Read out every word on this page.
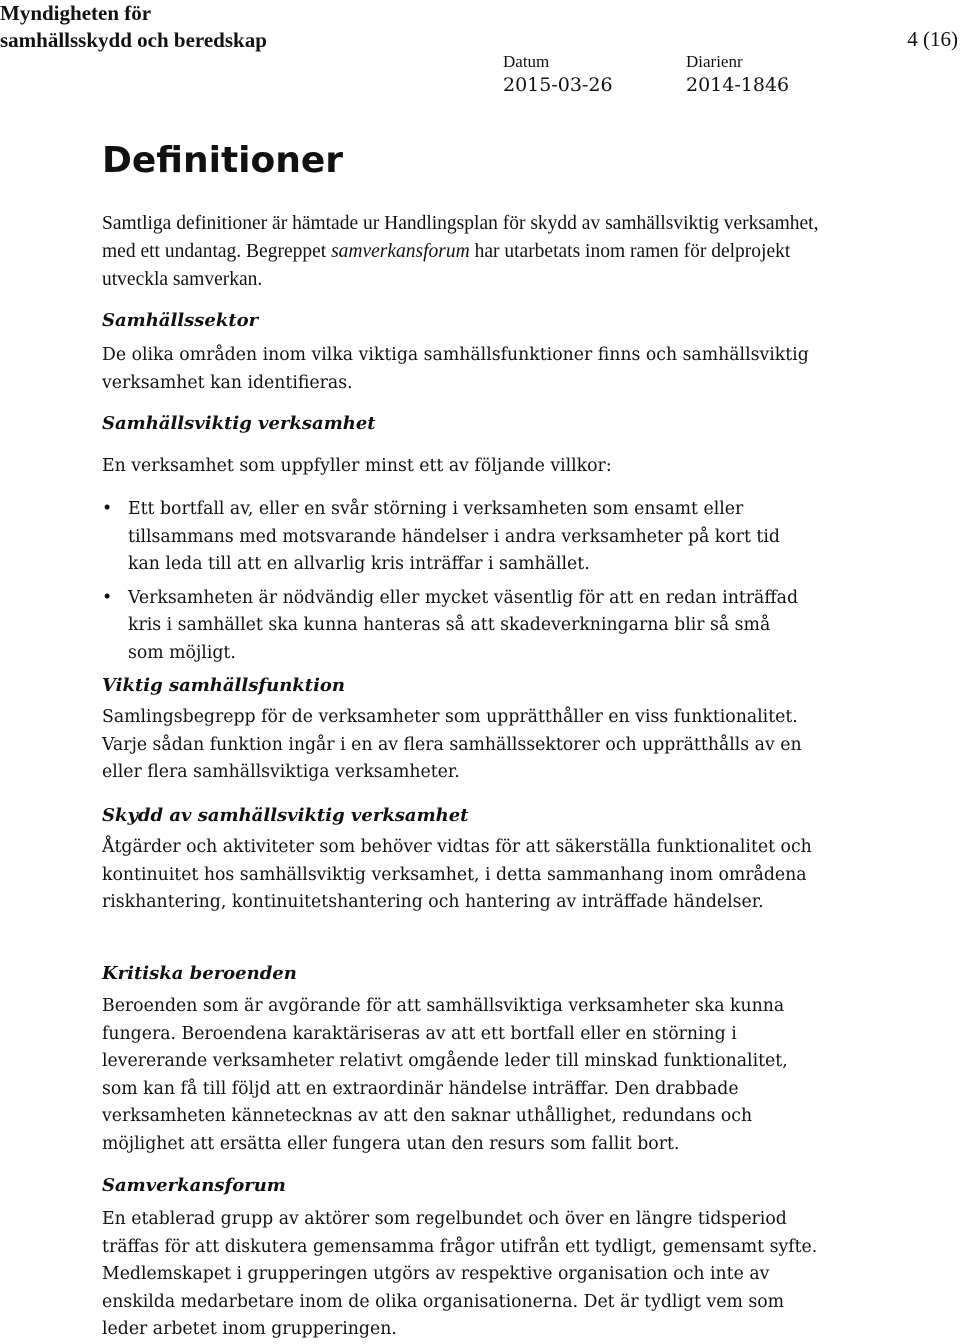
Myndigheten för
samhällsskydd och beredskap	4 (16)
Datum
2015-03-26
Diarienr
2014-1846
Definitioner

Samtliga definitioner är hämtade ur Handlingsplan för skydd av samhällsviktig verksamhet, med ett undantag. Begreppet samverkansforum har utarbetats inom ramen för delprojekt utveckla samverkan.

Samhällssektor

De olika områden inom vilka viktiga samhällsfunktioner finns och samhällsviktig verksamhet kan identifieras.

Samhällsviktig verksamhet

En verksamhet som uppfyller minst ett av följande villkor:

• Ett bortfall av, eller en svår störning i verksamheten som ensamt eller tillsammans med motsvarande händelser i andra verksamheter på kort tid kan leda till att en allvarlig kris inträffar i samhället.
• Verksamheten är nödvändig eller mycket väsentlig för att en redan inträffad kris i samhället ska kunna hanteras så att skadeverkningarna blir så små som möjligt.

Viktig samhällsfunktion

Samlingsbegrepp för de verksamheter som upprätthåller en viss funktionalitet. Varje sådan funktion ingår i en av flera samhällssektorer och upprätthålls av en eller flera samhällsviktiga verksamheter.

Skydd av samhällsviktig verksamhet

Åtgärder och aktiviteter som behöver vidtas för att säkerställa funktionalitet och kontinuitet hos samhällsviktig verksamhet, i detta sammanhang inom områdena riskhantering, kontinuitetshantering och hantering av inträffade händelser.

Kritiska beroenden

Beroenden som är avgörande för att samhällsviktiga verksamheter ska kunna fungera. Beroendena karaktäriseras av att ett bortfall eller en störning i levererande verksamheter relativt omgående leder till minskad funktionalitet, som kan få till följd att en extraordinär händelse inträffar. Den drabbade verksamheten kännetecknas av att den saknar uthållighet, redundans och möjlighet att ersätta eller fungera utan den resurs som fallit bort.

Samverkansforum

En etablerad grupp av aktörer som regelbundet och över en längre tidsperiod träffas för att diskutera gemensamma frågor utifrån ett tydligt, gemensamt syfte. Medlemskapet i grupperingen utgörs av respektive organisation och inte av enskilda medarbetare inom de olika organisationerna. Det är tydligt vem som leder arbetet inom grupperingen.
